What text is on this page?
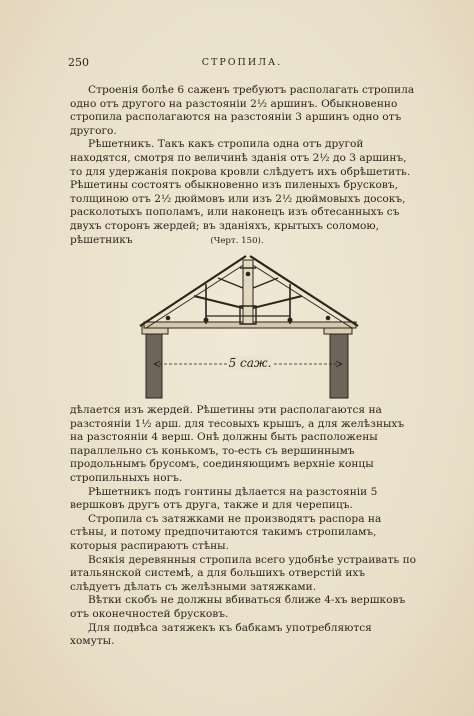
250	СТРОПИЛА.

Строенія болѣе 6 саженъ требуютъ располагать стропила одно отъ другого на разстояніи 2½ аршинъ. Обыкновенно стропила располагаются на разстояніи 3 аршинъ одно отъ другого.

Рѣшетникъ. Такъ какъ стропила одна отъ другой находятся, смотря по величинѣ зданія отъ 2½ до 3 аршинъ, то для удержанія покрова кровли слѣдуетъ ихъ обрѣшетить. Рѣшетины состоятъ обыкновенно изъ пиленыхъ брусковъ, толщиною отъ 2½ дюймовъ или изъ 2½ дюймовыхъ досокъ, расколотыхъ пополамъ, или наконецъ изъ обтесанныхъ съ двухъ сторонъ жердей; въ зданіяхъ, крытыхъ соломою, рѣшетникъ	(Черт. 150).
5 саж.

дѣлается изъ жердей. Рѣшетины эти располагаются на разстояніи 1½ арш. для тесовыхъ крышъ, а для желѣзныхъ на разстояніи 4 верш. Онѣ должны быть расположены параллельно съ конькомъ, то-есть съ вершиннымъ продольнымъ брусомъ, соединяющимъ верхніе концы стропильныхъ ногъ.

Рѣшетникъ подъ гонтины дѣлается на разстояніи 5 вершковъ другъ отъ друга, также и для черепицъ.

Стропила съ затяжками не производятъ распора на стѣны, и потому предпочитаются такимъ стропиламъ, которыя распираютъ стѣны.

Всякія деревянныя стропила всего удобнѣе устраивать по итальянской системѣ, а для большихъ отверстій ихъ слѣдуетъ дѣлать съ желѣзными затяжками.

Вѣтки скобъ не должны вбиваться ближе 4-хъ вершковъ отъ оконечностей брусковъ.

Для подвѣса затяжекъ къ бабкамъ употребляются хомуты.
